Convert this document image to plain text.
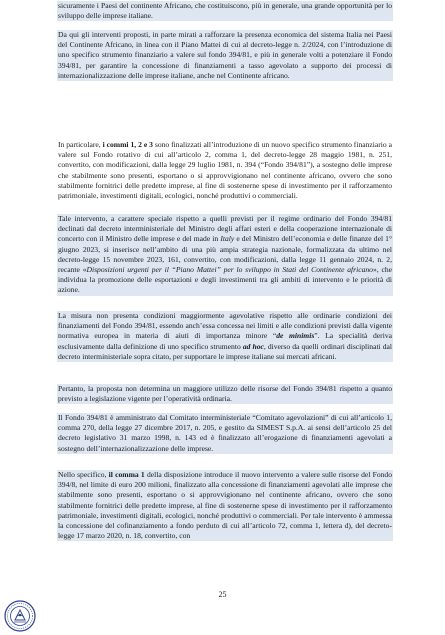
sicuramente i Paesi del continente Africano, che costituiscono, più in generale, una grande opportunità per lo sviluppo delle imprese italiane.

Da qui gli interventi proposti, in parte mirati a rafforzare la presenza economica del sistema Italia nei Paesi del Continente Africano, in linea con il Piano Mattei di cui al decreto-legge n. 2/2024, con l’introduzione di uno specifico strumento finanziario a valere sul fondo 394/81, e più in generale volti a potenziare il Fondo 394/81, per garantire la concessione di finanziamenti a tasso agevolato a supporto dei processi di internazionalizzazione delle imprese italiane, anche nel Continente africano.

In particolare, i commi 1, 2 e 3 sono finalizzati all’introduzione di un nuovo specifico strumento finanziario a valere sul Fondo rotativo di cui all’articolo 2, comma 1, del decreto-legge 28 maggio 1981, n. 251, convertito, con modificazioni, dalla legge 29 luglio 1981, n. 394 (“Fondo 394/81”), a sostegno delle imprese che stabilmente sono presenti, esportano o si approvvigionano nel continente africano, ovvero che sono stabilmente fornitrici delle predette imprese, al fine di sostenerne spese di investimento per il rafforzamento patrimoniale, investimenti digitali, ecologici, nonché produttivi o commerciali.

Tale intervento, a carattere speciale rispetto a quelli previsti per il regime ordinario del Fondo 394/81 declinati dal decreto interministeriale del Ministro degli affari esteri e della cooperazione internazionale di concerto con il Ministro delle imprese e del made in Italy e del Ministro dell’economia e delle finanze del 1° giugno 2023, si inserisce nell’ambito di una più ampia strategia nazionale, formalizzata da ultimo nel decreto-legge 15 novembre 2023, 161, convertito, con modificazioni, dalla legge 11 gennaio 2024, n. 2, recante «Disposizioni urgenti per il “Piano Mattei” per lo sviluppo in Stati del Continente africano», che individua la promozione delle esportazioni e degli investimenti tra gli ambiti di intervento e le priorità di azione.

La misura non presenta condizioni maggiormente agevolative rispetto alle ordinarie condizioni dei finanziamenti del Fondo 394/81, essendo anch’essa concessa nei limiti e alle condizioni previsti dalla vigente normativa europea in materia di aiuti di importanza minore “de minimis”. La specialità deriva esclusivamente dalla definizione di uno specifico strumento ad hoc, diverso da quelli ordinari disciplinati dal decreto interministeriale sopra citato, per supportare le imprese italiane sui mercati africani.

Pertanto, la proposta non determina un maggiore utilizzo delle risorse del Fondo 394/81 rispetto a quanto previsto a legislazione vigente per l’operatività ordinaria.

Il Fondo 394/81 è amministrato dal Comitato interministeriale “Comitato agevolazioni” di cui all’articolo 1, comma 270, della legge 27 dicembre 2017, n. 205, e gestito da SIMEST S.p.A. ai sensi dell’articolo 25 del decreto legislativo 31 marzo 1998, n. 143 ed è finalizzato all’erogazione di finanziamenti agevolati a sostegno dell’internazionalizzazione delle imprese.

Nello specifico, il comma 1 della disposizione introduce il nuovo intervento a valere sulle risorse del Fondo 394/8, nel limite di euro 200 milioni, finalizzato alla concessione di finanziamenti agevolati alle imprese che stabilmente sono presenti, esportano o si approvvigionano nel continente africano, ovvero che sono stabilmente fornitrici delle predette imprese, al fine di sostenerne spese di investimento per il rafforzamento patrimoniale, investimenti digitali, ecologici, nonché produttivi o commerciali. Per tale intervento è ammessa la concessione del cofinanziamento a fondo perduto di cui all’articolo 72, comma 1, lettera d), del decreto-legge 17 marzo 2020, n. 18, convertito, con

25
